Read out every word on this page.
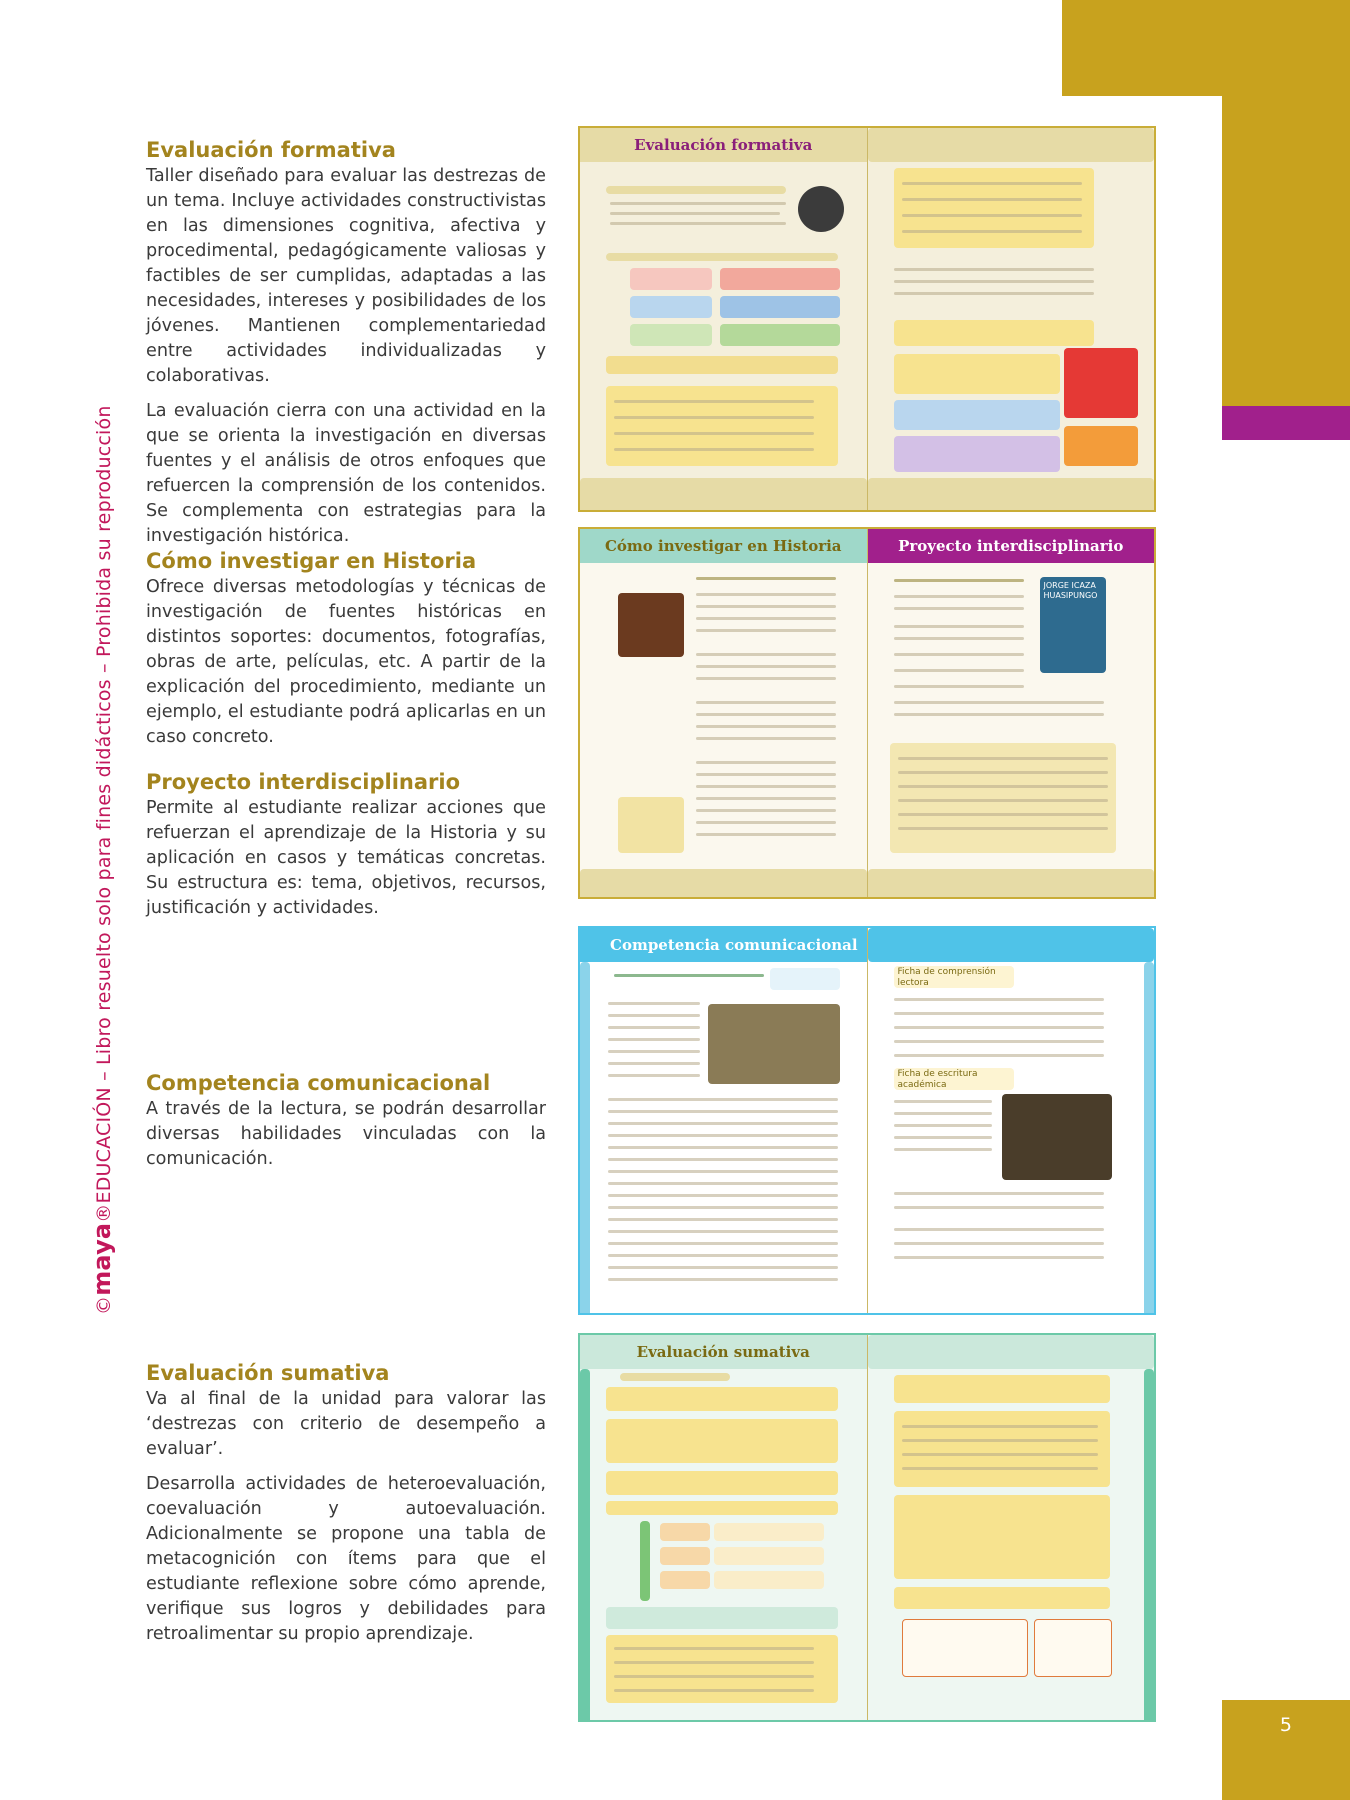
5
©maya®EDUCACIÓN – Libro resuelto solo para fines didácticos – Prohibida su reproducción
Evaluación formativa

Taller diseñado para evaluar las destrezas de un tema. Incluye actividades constructivistas en las dimensiones cognitiva, afectiva y procedimental, pedagógicamente valiosas y factibles de ser cumplidas, adaptadas a las necesidades, intereses y posibilidades de los jóvenes. Mantienen complementariedad entre actividades individualizadas y colaborativas.

La evaluación cierra con una actividad en la que se orienta la investigación en diversas fuentes y el análisis de otros enfoques que refuercen la comprensión de los contenidos. Se complementa con estrategias para la investigación histórica.

Cómo investigar en Historia

Ofrece diversas metodologías y técnicas de investigación de fuentes históricas en distintos soportes: documentos, fotografías, obras de arte, películas, etc. A partir de la explicación del procedimiento, mediante un ejemplo, el estudiante podrá aplicarlas en un caso concreto.

Proyecto interdisciplinario

Permite al estudiante realizar acciones que refuerzan el aprendizaje de la Historia y su aplicación en casos y temáticas concretas. Su estructura es: tema, objetivos, recursos, justificación y actividades.

Competencia comunicacional

A través de la lectura, se podrán desarrollar diversas habilidades vinculadas con la comunicación.

Evaluación sumativa

Va al final de la unidad para valorar las ‘destrezas con criterio de desempeño a evaluar’.

Desarrolla actividades de heteroevaluación, coevaluación y autoevaluación. Adicionalmente se propone una tabla de metacognición con ítems para que el estudiante reflexione sobre cómo aprende, verifique sus logros y debilidades para retroalimentar su propio aprendizaje.

Evaluación formativa
Cómo investigar en Historia	Proyecto interdisciplinario
JORGE ICAZA HUASIPUNGO
Competencia comunicacional
Ficha de comprensión lectora
Ficha de escritura académica
Evaluación sumativa
